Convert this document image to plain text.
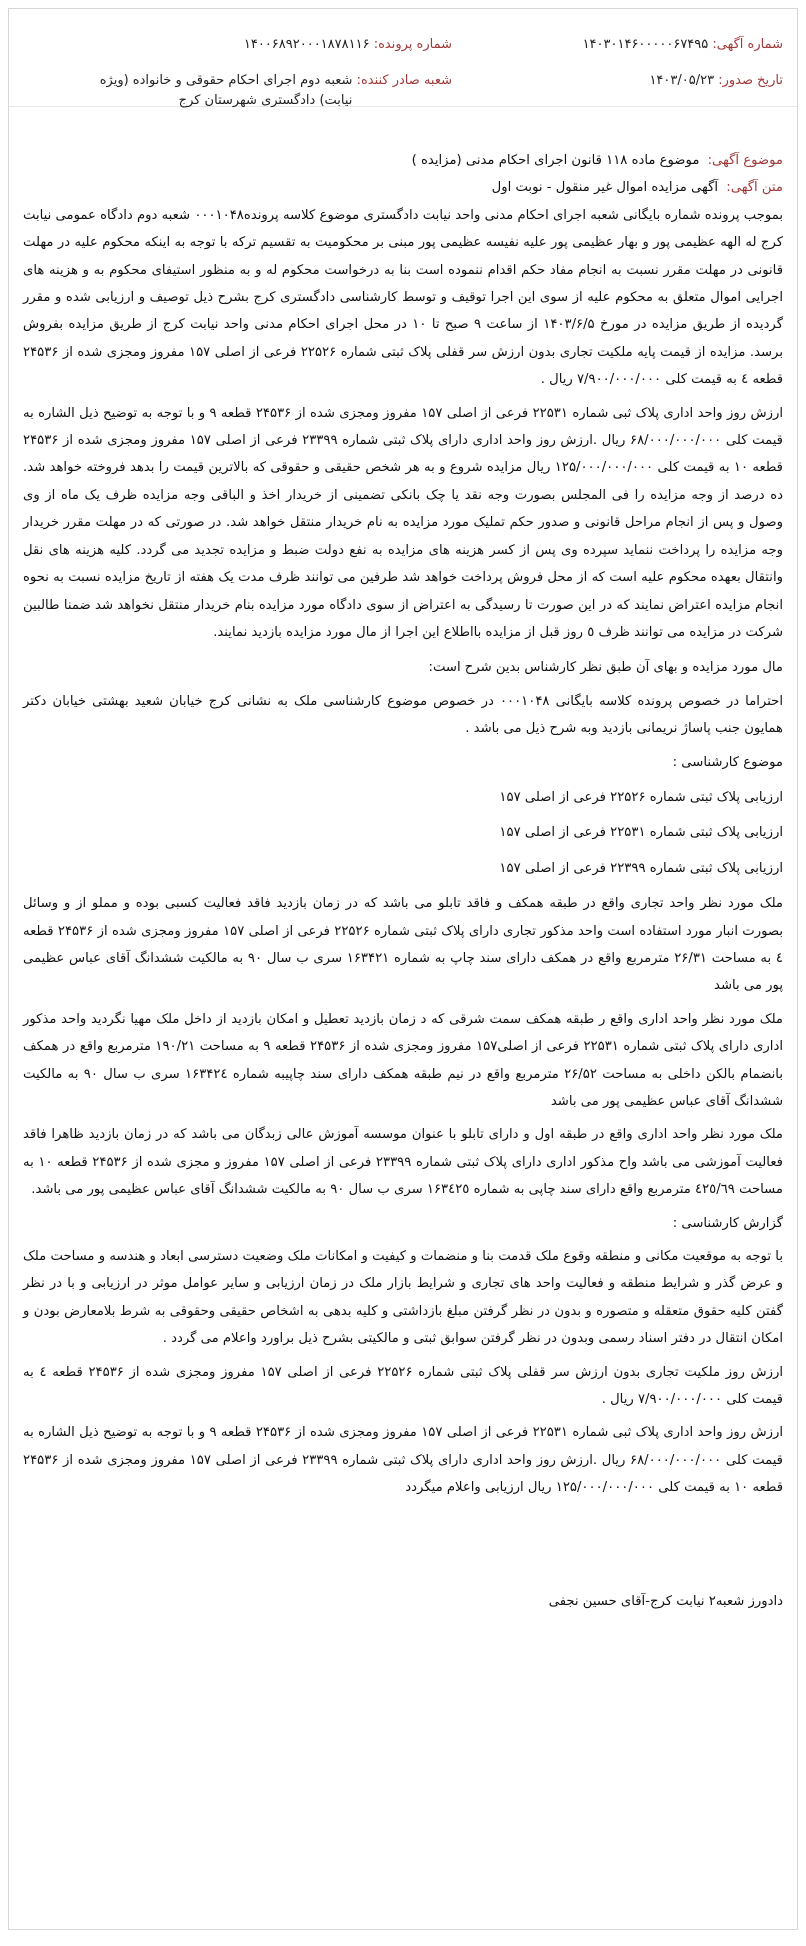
شماره آگهی: ۱۴۰۳۰۱۴۶۰۰۰۰۰۶۷۴۹۵
تاریخ صدور: ۱۴۰۳/۰۵/۲۳
شماره پرونده: ۱۴۰۰۶۸۹۲۰۰۰۱۸۷۸۱۱۶
شعبه صادر کننده: شعبه دوم اجرای احکام حقوقی و خانواده (ویژه نیابت) دادگستری شهرستان کرج

موضوع آگهی: موضوع ماده ۱۱۸ قانون اجرای احکام مدنی (مزایده )

متن آگهی: آگهی مزایده اموال غیر منقول - نوبت اول

بموجب پرونده شماره بایگانی شعبه اجرای احکام مدنی واحد نیابت دادگستری موضوع کلاسه پرونده۰۰۰۱۰۴۸ شعبه دوم دادگاه عمومی نیابت کرج له الهه عظیمی پور و بهار عظیمی پور علیه نفیسه عظیمی پور مبنی بر محکومیت به تقسیم ترکه با توجه به اینکه محکوم علیه در مهلت قانونی در مهلت مقرر نسبت به انجام مفاد حکم اقدام ننموده است بنا به درخواست محکوم له و به منظور استیفای محکوم به و هزینه های اجرایی اموال متعلق به محکوم علیه از سوی این اجرا توقیف و توسط کارشناسی دادگستری کرج بشرح ذیل توصیف و ارزیابی شده و مقرر گردیده از طریق مزایده در مورخ ۱۴۰۳/۶/۵ از ساعت ۹ صبح تا ۱۰ در محل اجرای احکام مدنی واحد نیابت کرج از طریق مزایده بفروش برسد. مزایده از قیمت پایه ملکیت تجاری بدون ارزش سر قفلی پلاک ثبتی شماره ۲۲۵۲۶ فرعی از اصلی ۱۵۷ مفروز ومجزی شده از ۲۴۵۳۶ قطعه ٤ به قیمت کلی ۷/۹۰۰/۰۰۰/۰۰۰ ریال .

ارزش روز واحد اداری پلاک ثبی شماره ۲۲۵۳۱ فرعی از اصلی ۱۵۷ مفروز ومجزی شده از ۲۴۵۳۶ قطعه ۹ و با توجه به توضیح ذیل الشاره به قیمت کلی ۶۸/۰۰۰/۰۰۰/۰۰۰ ریال .ارزش روز واحد اداری دارای پلاک ثبتی شماره ۲۳۳۹۹ فرعی از اصلی ۱۵۷ مفروز ومجزی شده از ۲۴۵۳۶ قطعه ۱۰ به قیمت کلی ۱۲۵/۰۰۰/۰۰۰/۰۰۰ ریال مزایده شروع و به هر شخص حقیقی و حقوقی که بالاترین قیمت را بدهد فروخته خواهد شد. ده درصد از وجه مزایده را فی المجلس بصورت وجه نقد یا چک بانکی تضمینی از خریدار اخذ و الباقی وجه مزایده ظرف یک ماه از وی وصول و پس از انجام مراحل قانونی و صدور حکم تملیک مورد مزایده به نام خریدار منتقل خواهد شد. در صورتی که در مهلت مقرر خریدار وجه مزایده را پرداخت ننماید سپرده وی پس از کسر هزینه های مزایده به نفع دولت ضبط و مزایده تجدید می گردد. کلیه هزینه های نقل وانتقال بعهده محکوم علیه است که از محل فروش پرداخت خواهد شد طرفین می توانند ظرف مدت یک هفته از تاریخ مزایده نسبت به نحوه انجام مزایده اعتراض نمایند که در این صورت تا رسیدگی به اعتراض از سوی دادگاه مورد مزایده بنام خریدار منتقل نخواهد شد ضمنا طالبین شرکت در مزایده می توانند ظرف ٥ روز قبل از مزایده بااطلاع این اجرا از مال مورد مزایده بازدید نمایند.

مال مورد مزایده و بهای آن طبق نظر کارشناس بدین شرح است:

احتراما در خصوص پرونده کلاسه بایگانی ۰۰۰۱۰۴۸ در خصوص موضوع کارشناسی ملک به نشانی کرج خیابان شعید بهشتی خیابان دکتر همایون جنب پاساژ نریمانی بازدید وبه شرح ذیل می باشد .

موضوع کارشناسی :

ارزیابی پلاک ثبتی شماره ۲۲۵۲۶ فرعی از اصلی ۱۵۷

ارزیابی پلاک ثبتی شماره ۲۲۵۳۱ فرعی از اصلی ۱۵۷

ارزیابی پلاک ثبتی شماره ۲۲۳۹۹ فرعی از اصلی ۱۵۷

ملک مورد نظر واحد تجاری واقع در طبقه همکف و فاقد تابلو می باشد که در زمان بازدید فاقد فعالیت کسبی بوده و مملو از و وسائل بصورت انبار مورد استفاده است واحد مذکور تجاری دارای پلاک ثبتی شماره ۲۲۵۲۶ فرعی از اصلی ۱۵۷ مفروز ومجزی شده از ۲۴۵۳۶ قطعه ٤ به مساحت ۲۶/۳۱ مترمربع واقع در همکف دارای سند چاپ به شماره ۱۶۳۴۲۱ سری ب سال ۹۰ به مالکیت ششدانگ آقای عباس عظیمی پور می باشد

ملک مورد نظر واحد اداری واقع ر طبقه همکف سمت شرقی که د زمان بازدید تعطیل و امکان بازدید از داخل ملک مهیا نگردید واحد مذکور اداری دارای پلاک ثبتی شماره ۲۲۵۳۱ فرعی از اصلی۱۵۷ مفروز ومجزی شده از ۲۴۵۳۶ قطعه ۹ به مساحت ۱۹۰/۲۱ مترمربع واقع در همکف بانضمام بالکن داخلی به مساحت ۲۶/۵۲ مترمربع واقع در نیم طبقه همکف دارای سند چاپیبه شماره ۱۶۳۴۲٤ سری ب سال ۹۰ به مالکیت ششدانگ آقای عباس عظیمی پور می باشد

ملک مورد نظر واحد اداری واقع در طبقه اول و دارای تابلو با عنوان موسسه آموزش عالی زبدگان می باشد که در زمان بازدید ظاهرا فاقد فعالیت آموزشی می باشد واح مذکور اداری دارای پلاک ثبتی شماره ۲۳۳۹۹ فرعی از اصلی ۱۵۷ مفروز و مجزی شده از ۲۴۵۳۶ قطعه ۱۰ به مساحت ٤۲٥/٦۹ مترمربع واقع دارای سند چاپی به شماره ۱۶۳٤۲٥ سری ب سال ۹۰ به مالکیت ششدانگ آقای عباس عظیمی پور می باشد.

گزارش کارشناسی :

با توجه به موقعیت مکانی و منطقه وقوع ملک قدمت بنا و منضمات و کیفیت و امکانات ملک وضعیت دسترسی ابعاد و هندسه و مساحت ملک و عرض گذر و شرایط منطقه و فعالیت واحد های تجاری و شرایط بازار ملک در زمان ارزیابی و سایر عوامل موثر در ارزیابی و با در نظر گفتن کلیه حقوق متعقله و متصوره و بدون در نظر گرفتن مبلغ بازداشتی و کلیه بدهی به اشخاص حقیقی وحقوقی به شرط بلامعارض بودن و امکان انتقال در دفتر اسناد رسمی وبدون در نظر گرفتن سوابق ثبتی و مالکیتی بشرح ذیل براورد واعلام می گردد .

ارزش روز ملکیت تجاری بدون ارزش سر قفلی پلاک ثبتی شماره ۲۲۵۲۶ فرعی از اصلی ۱۵۷ مفروز ومجزی شده از ۲۴۵۳۶ قطعه ٤ به قیمت کلی ۷/۹۰۰/۰۰۰/۰۰۰ ریال .

ارزش روز واحد اداری پلاک ثبی شماره ۲۲۵۳۱ فرعی از اصلی ۱۵۷ مفروز ومجزی شده از ۲۴۵۳۶ قطعه ۹ و با توجه به توضیح ذیل الشاره به قیمت کلی ۶۸/۰۰۰/۰۰۰/۰۰۰ ریال .ارزش روز واحد اداری دارای پلاک ثبتی شماره ۲۳۳۹۹ فرعی از اصلی ۱۵۷ مفروز ومجزی شده از ۲۴۵۳۶ قطعه ۱۰ به قیمت کلی ۱۲۵/۰۰۰/۰۰۰/۰۰۰ ریال ارزیابی واعلام میگردد

دادورز شعبه۲ نیابت کرج-آقای حسین نجفی
